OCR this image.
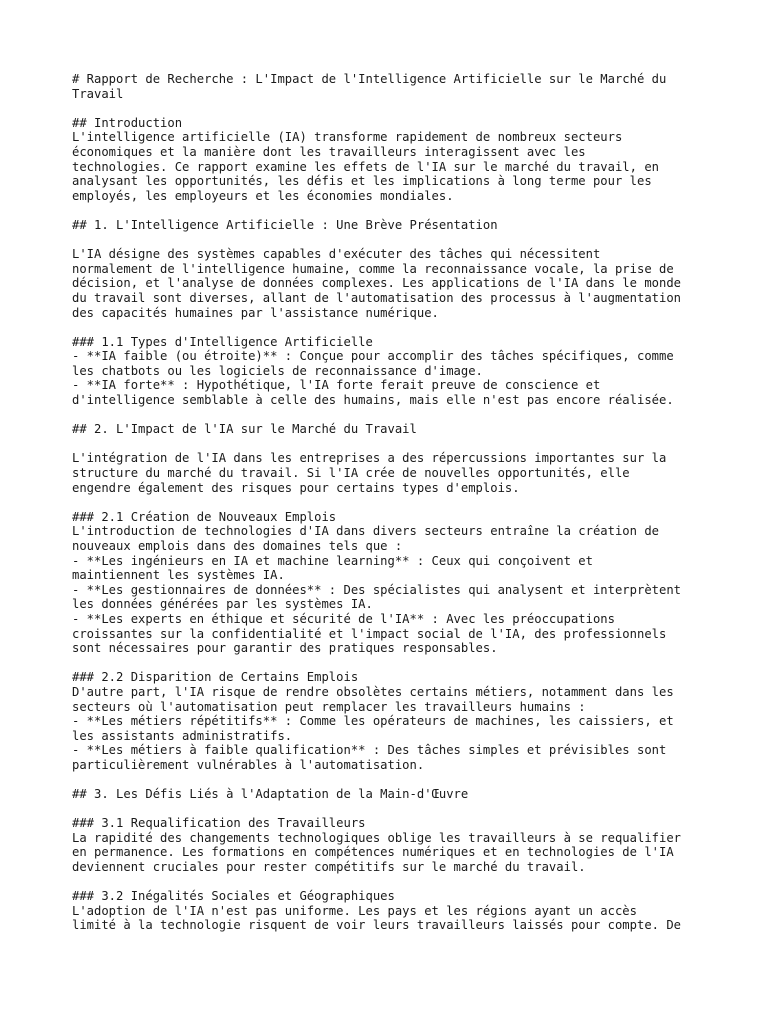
# Rapport de Recherche : L'Impact de l'Intelligence Artificielle sur le Marché du
Travail
## Introduction
L'intelligence artificielle (IA) transforme rapidement de nombreux secteurs
économiques et la manière dont les travailleurs interagissent avec les
technologies. Ce rapport examine les effets de l'IA sur le marché du travail, en
analysant les opportunités, les défis et les implications à long terme pour les
employés, les employeurs et les économies mondiales.
## 1. L'Intelligence Artificielle : Une Brève Présentation
L'IA désigne des systèmes capables d'exécuter des tâches qui nécessitent
normalement de l'intelligence humaine, comme la reconnaissance vocale, la prise de
décision, et l'analyse de données complexes. Les applications de l'IA dans le monde
du travail sont diverses, allant de l'automatisation des processus à l'augmentation
des capacités humaines par l'assistance numérique.
### 1.1 Types d'Intelligence Artificielle
- **IA faible (ou étroite)** : Conçue pour accomplir des tâches spécifiques, comme
les chatbots ou les logiciels de reconnaissance d'image.
- **IA forte** : Hypothétique, l'IA forte ferait preuve de conscience et
d'intelligence semblable à celle des humains, mais elle n'est pas encore réalisée.
## 2. L'Impact de l'IA sur le Marché du Travail
L'intégration de l'IA dans les entreprises a des répercussions importantes sur la
structure du marché du travail. Si l'IA crée de nouvelles opportunités, elle
engendre également des risques pour certains types d'emplois.
### 2.1 Création de Nouveaux Emplois
L'introduction de technologies d'IA dans divers secteurs entraîne la création de
nouveaux emplois dans des domaines tels que :
- **Les ingénieurs en IA et machine learning** : Ceux qui conçoivent et
maintiennent les systèmes IA.
- **Les gestionnaires de données** : Des spécialistes qui analysent et interprètent
les données générées par les systèmes IA.
- **Les experts en éthique et sécurité de l'IA** : Avec les préoccupations
croissantes sur la confidentialité et l'impact social de l'IA, des professionnels
sont nécessaires pour garantir des pratiques responsables.
### 2.2 Disparition de Certains Emplois
D'autre part, l'IA risque de rendre obsolètes certains métiers, notamment dans les
secteurs où l'automatisation peut remplacer les travailleurs humains :
- **Les métiers répétitifs** : Comme les opérateurs de machines, les caissiers, et
les assistants administratifs.
- **Les métiers à faible qualification** : Des tâches simples et prévisibles sont
particulièrement vulnérables à l'automatisation.
## 3. Les Défis Liés à l'Adaptation de la Main-d'Œuvre
### 3.1 Requalification des Travailleurs
La rapidité des changements technologiques oblige les travailleurs à se requalifier
en permanence. Les formations en compétences numériques et en technologies de l'IA
deviennent cruciales pour rester compétitifs sur le marché du travail.
### 3.2 Inégalités Sociales et Géographiques
L'adoption de l'IA n'est pas uniforme. Les pays et les régions ayant un accès
limité à la technologie risquent de voir leurs travailleurs laissés pour compte. De
